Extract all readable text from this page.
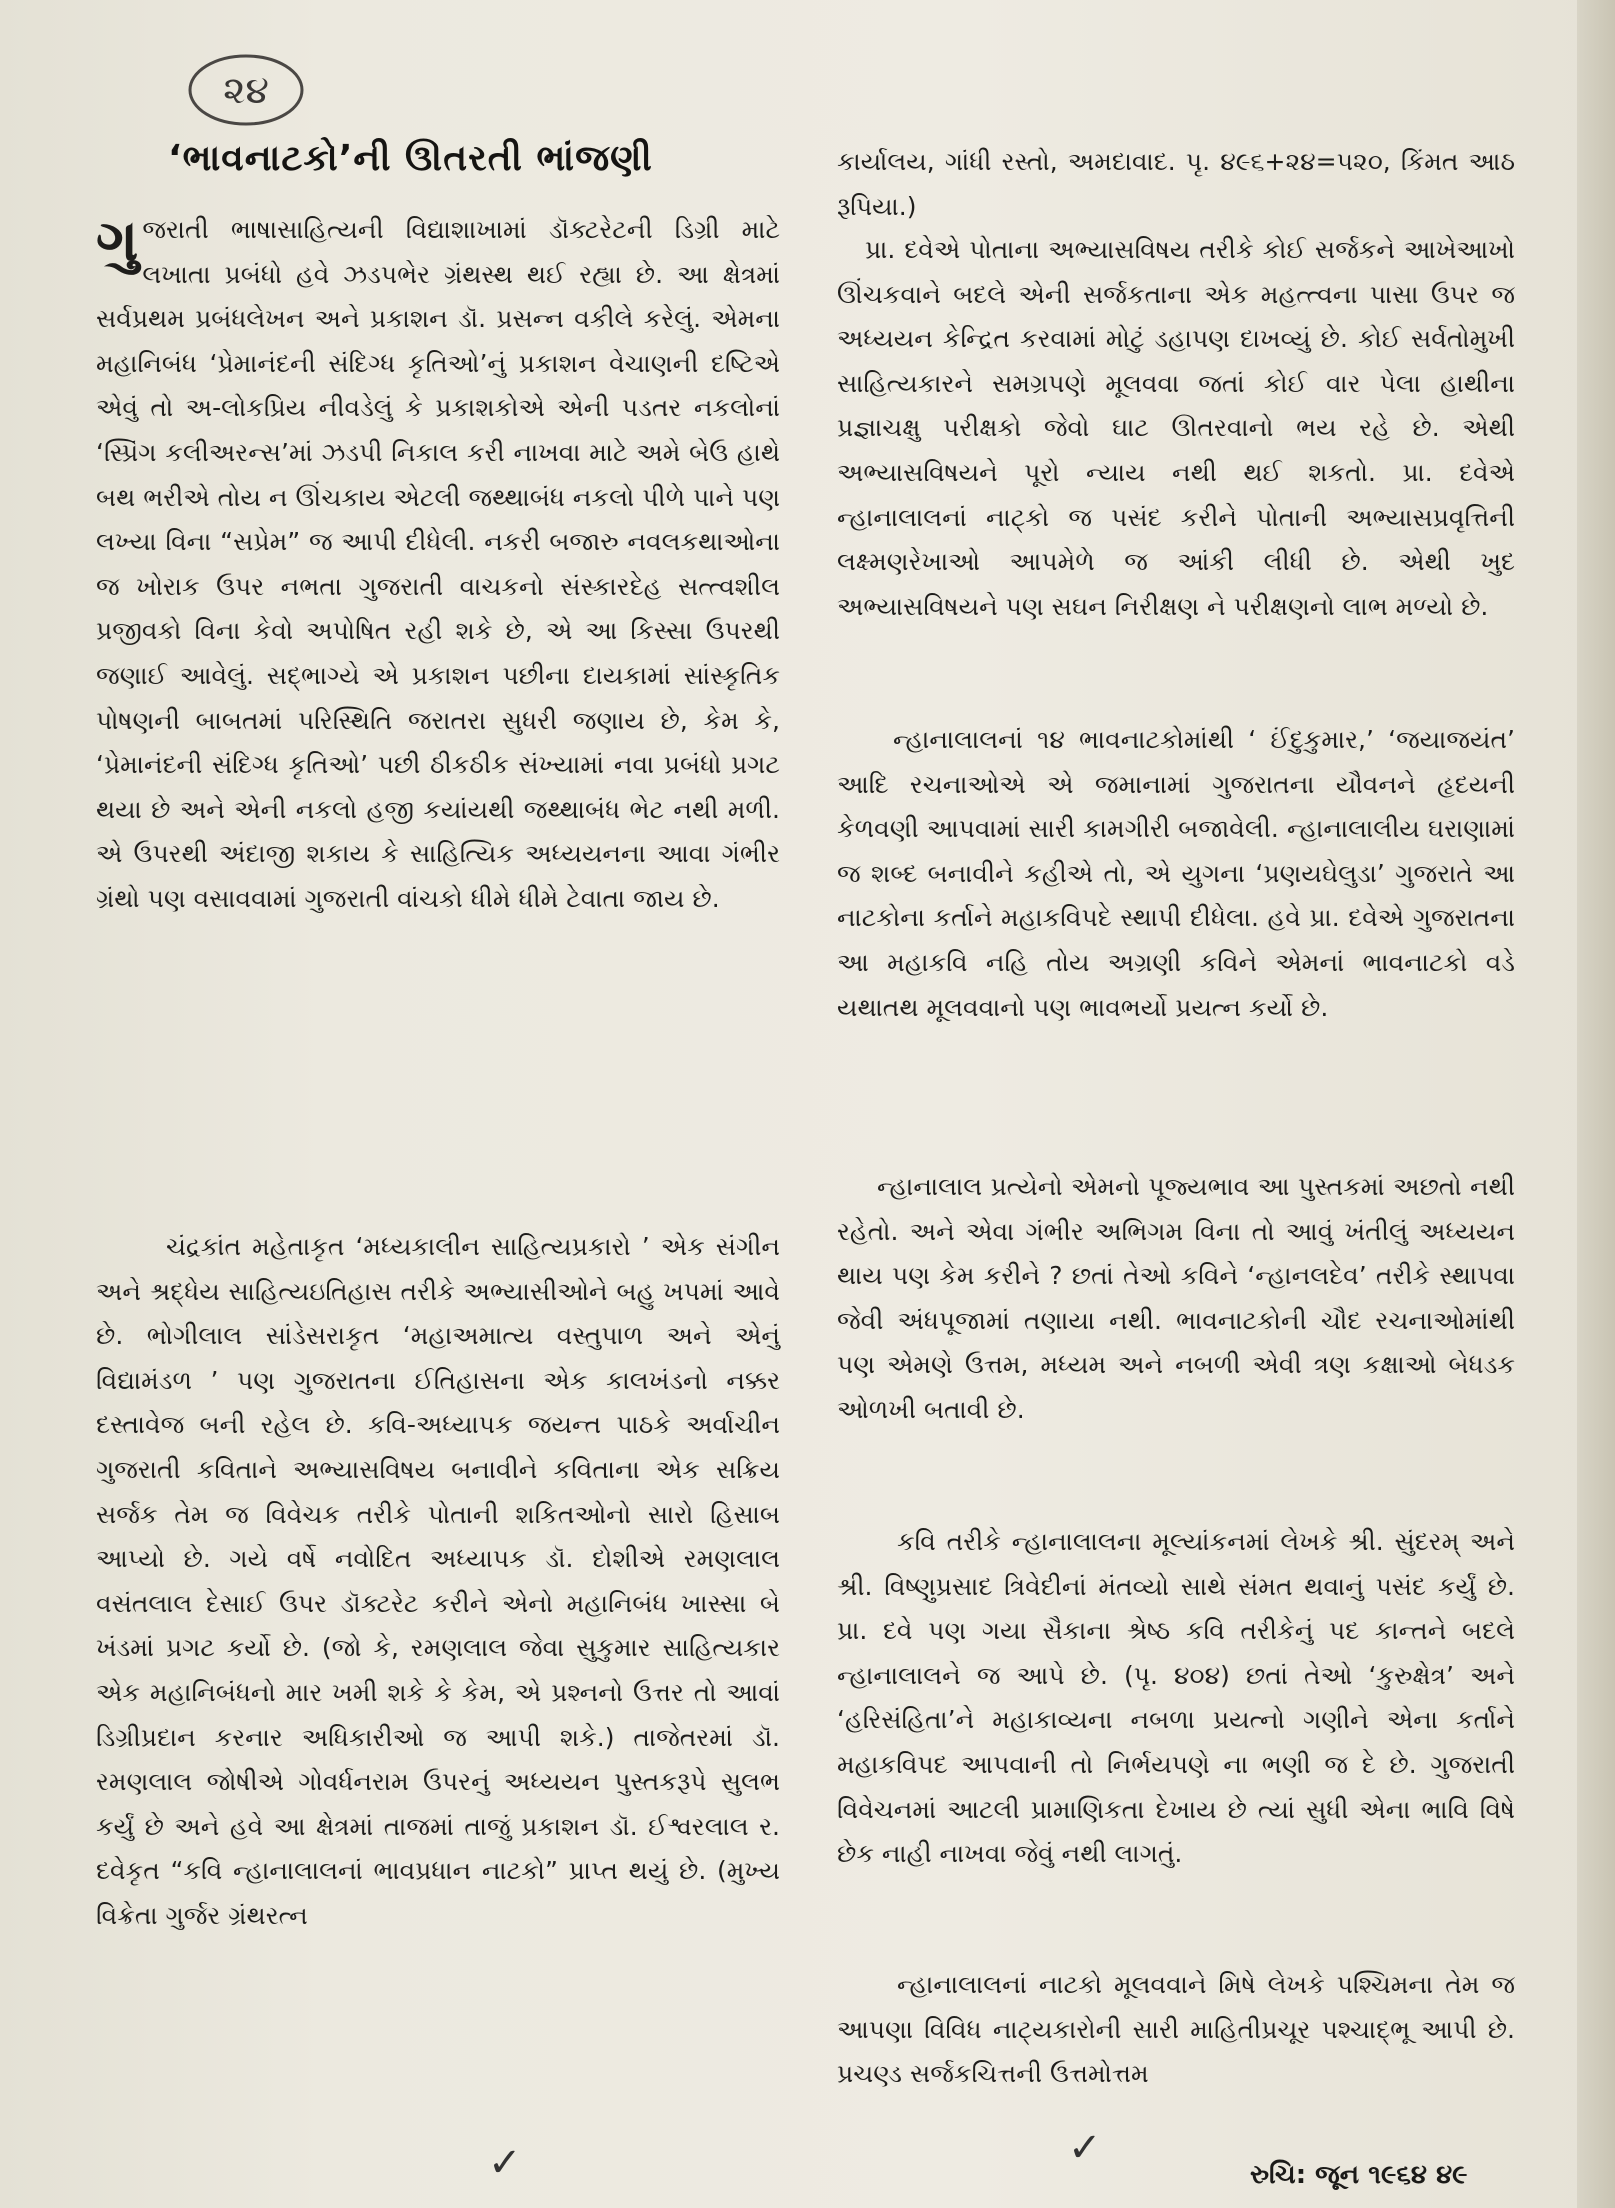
૨૪
‘ભાવનાટકો’ની ઊતરતી ભાંજણી
ગુજરાતી ભાષાસાહિત્યની વિદ્યાશાખામાં ડૉક્ટરેટની ડિગ્રી માટે લખાતા પ્રબંધો હવે ઝડપભેર ગ્રંથસ્થ થઈ રહ્યા છે. આ ક્ષેત્રમાં સર્વપ્રથમ પ્રબંધલેખન અને પ્રકાશન ડૉ. પ્રસન્ન વકીલે કરેલું. એમના મહાનિબંધ ‘પ્રેમાનંદની સંદિગ્ધ કૃતિઓ’નું પ્રકાશન વેચાણની દષ્ટિએ એવું તો અ-લોકપ્રિય નીવડેલું કે પ્રકાશકોએ એની પડતર નકલોનાં ‘સ્પ્રિંગ કલીઅરન્સ’માં ઝડપી નિકાલ કરી નાખવા માટે અમે બેઉ હાથે બથ ભરીએ તોય ન ઊંચકાય એટલી જથ્થાબંધ નકલો પીળે પાને પણ લખ્યા વિના “સપ્રેમ” જ આપી દીધેલી. નકરી બજારુ નવલકથાઓના જ ખોરાક ઉપર નભતા ગુજરાતી વાચકનો સંસ્કારદેહ સત્ત્વશીલ પ્રજીવકો વિના કેવો અપોષિત રહી શકે છે, એ આ કિસ્સા ઉપરથી જણાઈ આવેલું. સદ્‌ભાગ્યે એ પ્રકાશન પછીના દાયકામાં સાંસ્કૃતિક પોષણની બાબતમાં પરિસ્થિતિ જરાતરા સુધરી જણાય છે, કેમ કે, ‘પ્રેમાનંદની સંદિગ્ધ કૃતિઓ’ પછી ઠીકઠીક સંખ્યામાં નવા પ્રબંધો પ્રગટ થયા છે અને એની નકલો હજી કયાંયથી જથ્થાબંધ ભેટ નથી મળી. એ ઉપરથી અંદાજી શકાય કે સાહિત્યિક અધ્યયનના આવા ગંભીર ગ્રંથો પણ વસાવવામાં ગુજરાતી વાંચકો ધીમે ધીમે ટેવાતા જાય છે.
ચંદ્રકાંત મહેતાકૃત ‘મધ્યકાલીન સાહિત્યપ્રકારો ’ એક સંગીન અને શ્રદ્ધેય સાહિત્યઇતિહાસ તરીકે અભ્યાસીઓને બહુ ખપમાં આવે છે. ભોગીલાલ સાંડેસરાકૃત ‘મહાઅમાત્ય વસ્તુપાળ અને એનું વિદ્યામંડળ ’ પણ ગુજરાતના ઈતિહાસના એક કાલખંડનો નક્કર દસ્તાવેજ બની રહેલ છે. કવિ-અધ્યાપક જયન્ત પાઠકે અર્વાચીન ગુજરાતી કવિતાને અભ્યાસવિષય બનાવીને કવિતાના એક સક્રિય સર્જક તેમ જ વિવેચક તરીકે પોતાની શકિતઓનો સારો હિસાબ આપ્યો છે. ગયે વર્ષે નવોદિત અધ્યાપક ડૉ. દોશીએ રમણલાલ વસંતલાલ દેસાઈ ઉપર ડૉક્ટરેટ કરીને એનો મહાનિબંધ ખાસ્સા બે ખંડમાં પ્રગટ કર્યો છે. (જો કે, રમણલાલ જેવા સુકુમાર સાહિત્યકાર એક મહાનિબંધનો માર ખમી શકે કે કેમ, એ પ્રશ્નનો ઉત્તર તો આવાં ડિગ્રીપ્રદાન કરનાર અધિકારીઓ જ આપી શકે.) તાજેતરમાં ડૉ. રમણલાલ જોષીએ ગોવર્ધનરામ ઉપરનું અધ્યયન પુસ્તકરૂપે સુલભ કર્યું છે અને હવે આ ક્ષેત્રમાં તાજમાં તાજું પ્રકાશન ડૉ. ઈશ્વરલાલ ર. દવેકૃત “કવિ ન્હાનાલાલનાં ભાવપ્રધાન નાટકો” પ્રાપ્ત થયું છે. (મુખ્ય વિક્રેતા ગુર્જર ગ્રંથરત્ન
કાર્યાલય, ગાંધી રસ્તો, અમદાવાદ. પૃ. ૪૯૬+૨૪=૫૨૦, કિંમત આઠ રૂપિયા.)
પ્રા. દવેએ પોતાના અભ્યાસવિષય તરીકે કોઈ સર્જકને આખેઆખો ઊંચકવાને બદલે એની સર્જકતાના એક મહત્ત્વના પાસા ઉપર જ અધ્યયન કેન્દ્રિત કરવામાં મોટું ડહાપણ દાખવ્યું છે. કોઈ સર્વતોમુખી સાહિત્યકારને સમગ્રપણે મૂલવવા જતાં કોઈ વાર પેલા હાથીના પ્રજ્ઞાચક્ષુ પરીક્ષકો જેવો ઘાટ ઊતરવાનો ભય રહે છે. એથી અભ્યાસવિષયને પૂરો ન્યાય નથી થઈ શકતો. પ્રા. દવેએ ન્હાનાલાલનાં નાટ્કો જ પસંદ કરીને પોતાની અભ્યાસપ્રવૃત્તિની લક્ષ્મણરેખાઓ આપમેળે જ આંકી લીધી છે. એથી ખુદ અભ્યાસવિષયને પણ સઘન નિરીક્ષણ ને પરીક્ષણનો લાભ મળ્યો છે.
ન્હાનાલાલનાં ૧૪ ભાવનાટકોમાંથી ‘ ઈંદુકુમાર,’ ‘જયાજયંત’ આદિ રચનાઓએ એ જમાનામાં ગુજરાતના યૌવનને હૃદયની કેળવણી આપવામાં સારી કામગીરી બજાવેલી. ન્હાનાલાલીય ઘરાણામાં જ શબ્દ બનાવીને કહીએ તો, એ યુગના ‘પ્રણયઘેલુડા’ ગુજરાતે આ નાટકોના કર્તાને મહાકવિપદે સ્થાપી દીધેલા. હવે પ્રા. દવેએ ગુજરાતના આ મહાકવિ નહિ તોય અગ્રણી કવિને એમનાં ભાવનાટકો વડે યથાતથ મૂલવવાનો પણ ભાવભર્યો પ્રયત્ન કર્યો છે.
ન્હાનાલાલ પ્રત્યેનો એમનો પૂજ્યભાવ આ પુસ્તકમાં અછતો નથી રહેતો. અને એવા ગંભીર અભિગમ વિના તો આવું ખંતીલું અધ્યયન થાય પણ કેમ કરીને ? છતાં તેઓ કવિને ‘ન્હાનલદેવ’ તરીકે સ્થાપવા જેવી અંધપૂજામાં તણાયા નથી. ભાવનાટકોની ચૌદ રચનાઓમાંથી પણ એમણે ઉત્તમ, મધ્યમ અને નબળી એવી ત્રણ કક્ષાઓ બેધડક ઓળખી બતાવી છે.
કવિ તરીકે ન્હાનાલાલના મૂલ્યાંકનમાં લેખકે શ્રી. સુંદરમ્ અને શ્રી. વિષ્ણુપ્રસાદ ત્રિવેદીનાં મંતવ્યો સાથે સંમત થવાનું પસંદ કર્યું છે. પ્રા. દવે પણ ગયા સૈકાના શ્રેષ્ઠ કવિ તરીકેનું પદ કાન્તને બદલે ન્હાનાલાલને જ આપે છે. (પૃ. ૪૦૪) છતાં તેઓ ‘કુરુક્ષેત્ર’ અને ‘હરિસંહિતા’ને મહાકાવ્યના નબળા પ્રયત્નો ગણીને એના કર્તાને મહાકવિપદ આપવાની તો નિર્ભયપણે ના ભણી જ દે છે. ગુજરાતી વિવેચનમાં આટલી પ્રામાણિકતા દેખાય છે ત્યાં સુધી એના ભાવિ વિષે છેક નાહી નાખવા જેવું નથી લાગતું.
ન્હાનાલાલનાં નાટકો મૂલવવાને મિષે લેખકે પશ્ચિમના તેમ જ આપણા વિવિધ નાટ્યકારોની સારી માહિતીપ્રચૂર પશ્ચાદ્‌ભૂ આપી છે. પ્રચણ્ડ સર્જકચિત્તની ઉત્તમોત્તમ
✓	✓
રુચિ: જૂન ૧૯૬૪ ૪૯
